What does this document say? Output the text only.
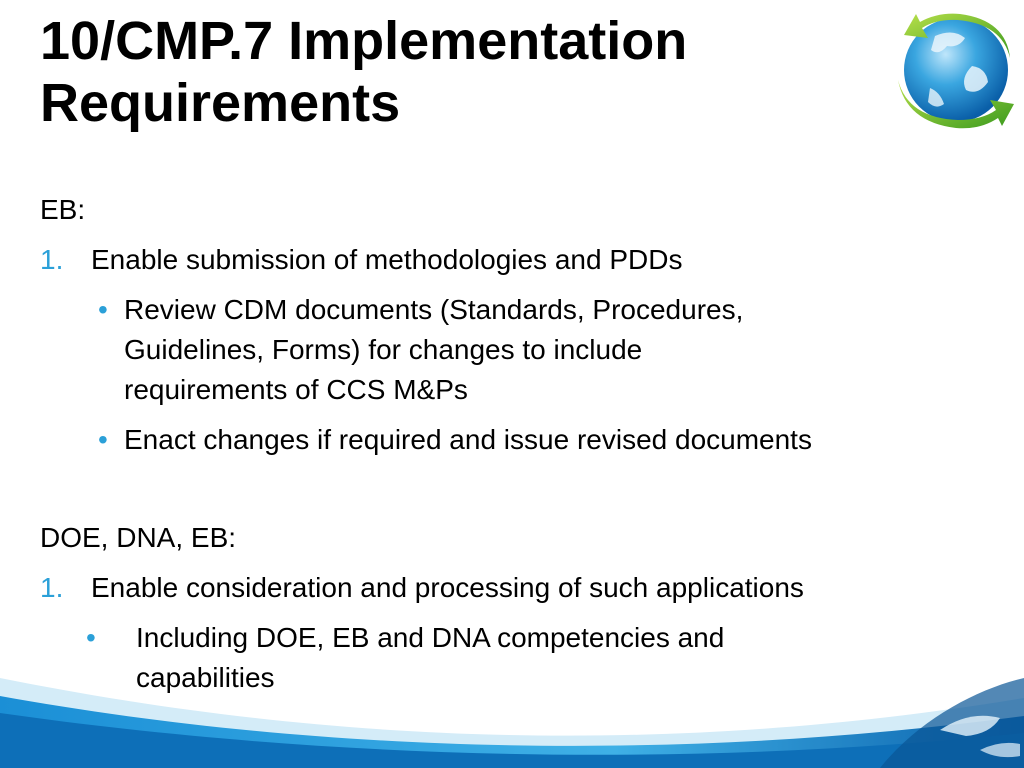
10/CMP.7 Implementation
Requirements
EB:
1. Enable submission of methodologies and PDDs
• Review CDM documents (Standards, Procedures,
Guidelines, Forms) for changes to include
requirements of CCS M&Ps
• Enact changes if required and issue revised documents
DOE, DNA, EB:
1. Enable consideration and processing of such applications
• Including DOE, EB and DNA competencies and
capabilities
